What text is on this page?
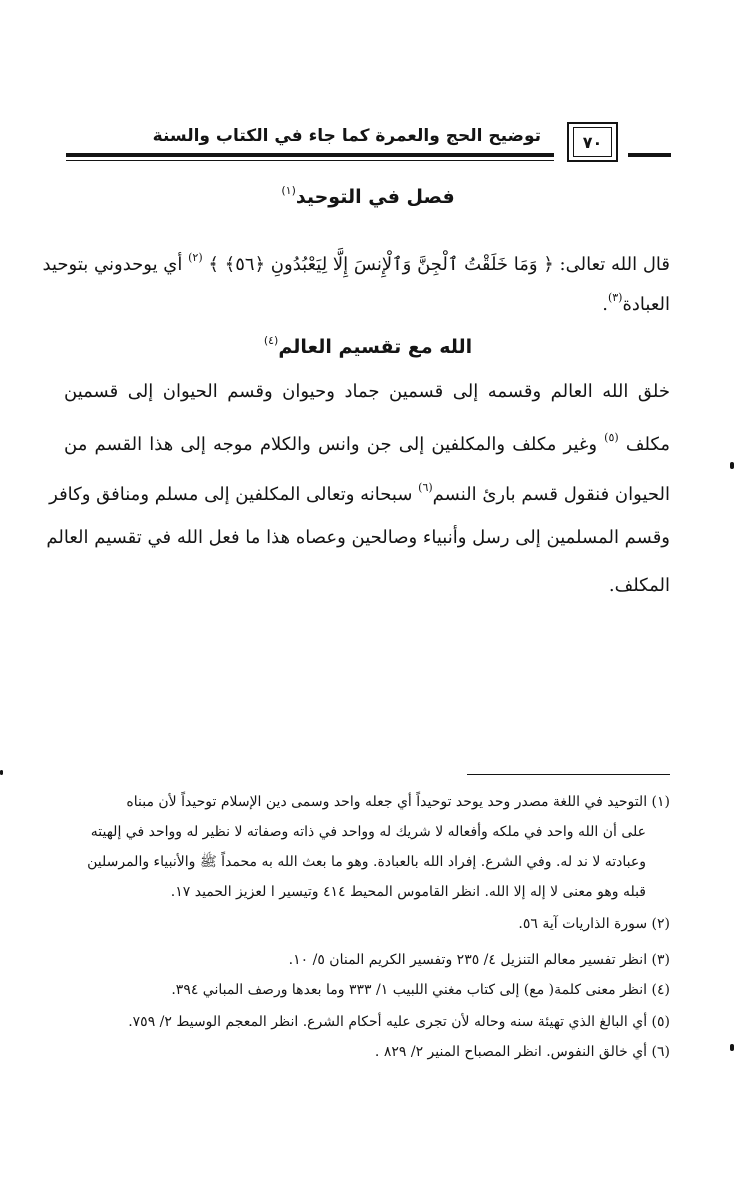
توضيح الحج والعمرة كما جاء في الكتاب والسنة	٧٠
فصل في التوحيد$^{(١)}$
قال الله تعالى: ﴿ وَمَا خَلَقْتُ ٱلْجِنَّ وَٱلْإِنسَ إِلَّا لِيَعْبُدُونِ ﴿٥٦﴾ ﴾ $^{(٢)}$ أي يوحدوني بتوحيد
العبادة$^{(٣)}$.
الله مع تقسيم العالم$^{(٤)}$
خلق الله العالم وقسمه إلى قسمين جماد وحيوان وقسم الحيوان إلى قسمين
مكلف $^{(٥)}$ وغير مكلف والمكلفين إلى جن وانس والكلام موجه إلى هذا القسم من
الحيوان فنقول قسم بارئ النسم$^{(٦)}$ سبحانه وتعالى المكلفين إلى مسلم ومنافق وكافر
وقسم المسلمين إلى رسل وأنبياء وصالحين وعصاه هذا ما فعل الله في تقسيم العالم
المكلف.
(١) التوحيد في اللغة مصدر وحد يوحد توحيداً أي جعله واحد وسمى دين الإسلام توحيداً لأن مبناه
على أن الله واحد في ملكه وأفعاله لا شريك له وواحد في ذاته وصفاته لا نظير له وواحد في إلهيته
وعبادته لا ند له. وفي الشرع. إفراد الله بالعبادة. وهو ما بعث الله به محمداً ﷺ والأنبياء والمرسلين
قبله وهو معنى لا إله إلا الله. انظر القاموس المحيط ٤١٤ وتيسير ا لعزيز الحميد ١٧.
(٢) سورة الذاريات آية ٥٦.
(٣) انظر تفسير معالم التنزيل ٤/ ٢٣٥ وتفسير الكريم المنان ٥/ ١٠.
(٤) انظر معنى كلمة( مع) إلى كتاب مغني اللبيب ١/ ٣٣٣ وما بعدها ورصف المباني ٣٩٤.
(٥) أي البالغ الذي تهيئة سنه وحاله لأن تجرى عليه أحكام الشرع. انظر المعجم الوسيط ٢/ ٧٥٩.
(٦) أي خالق النفوس. انظر المصباح المنير ٢/ ٨٢٩ .
